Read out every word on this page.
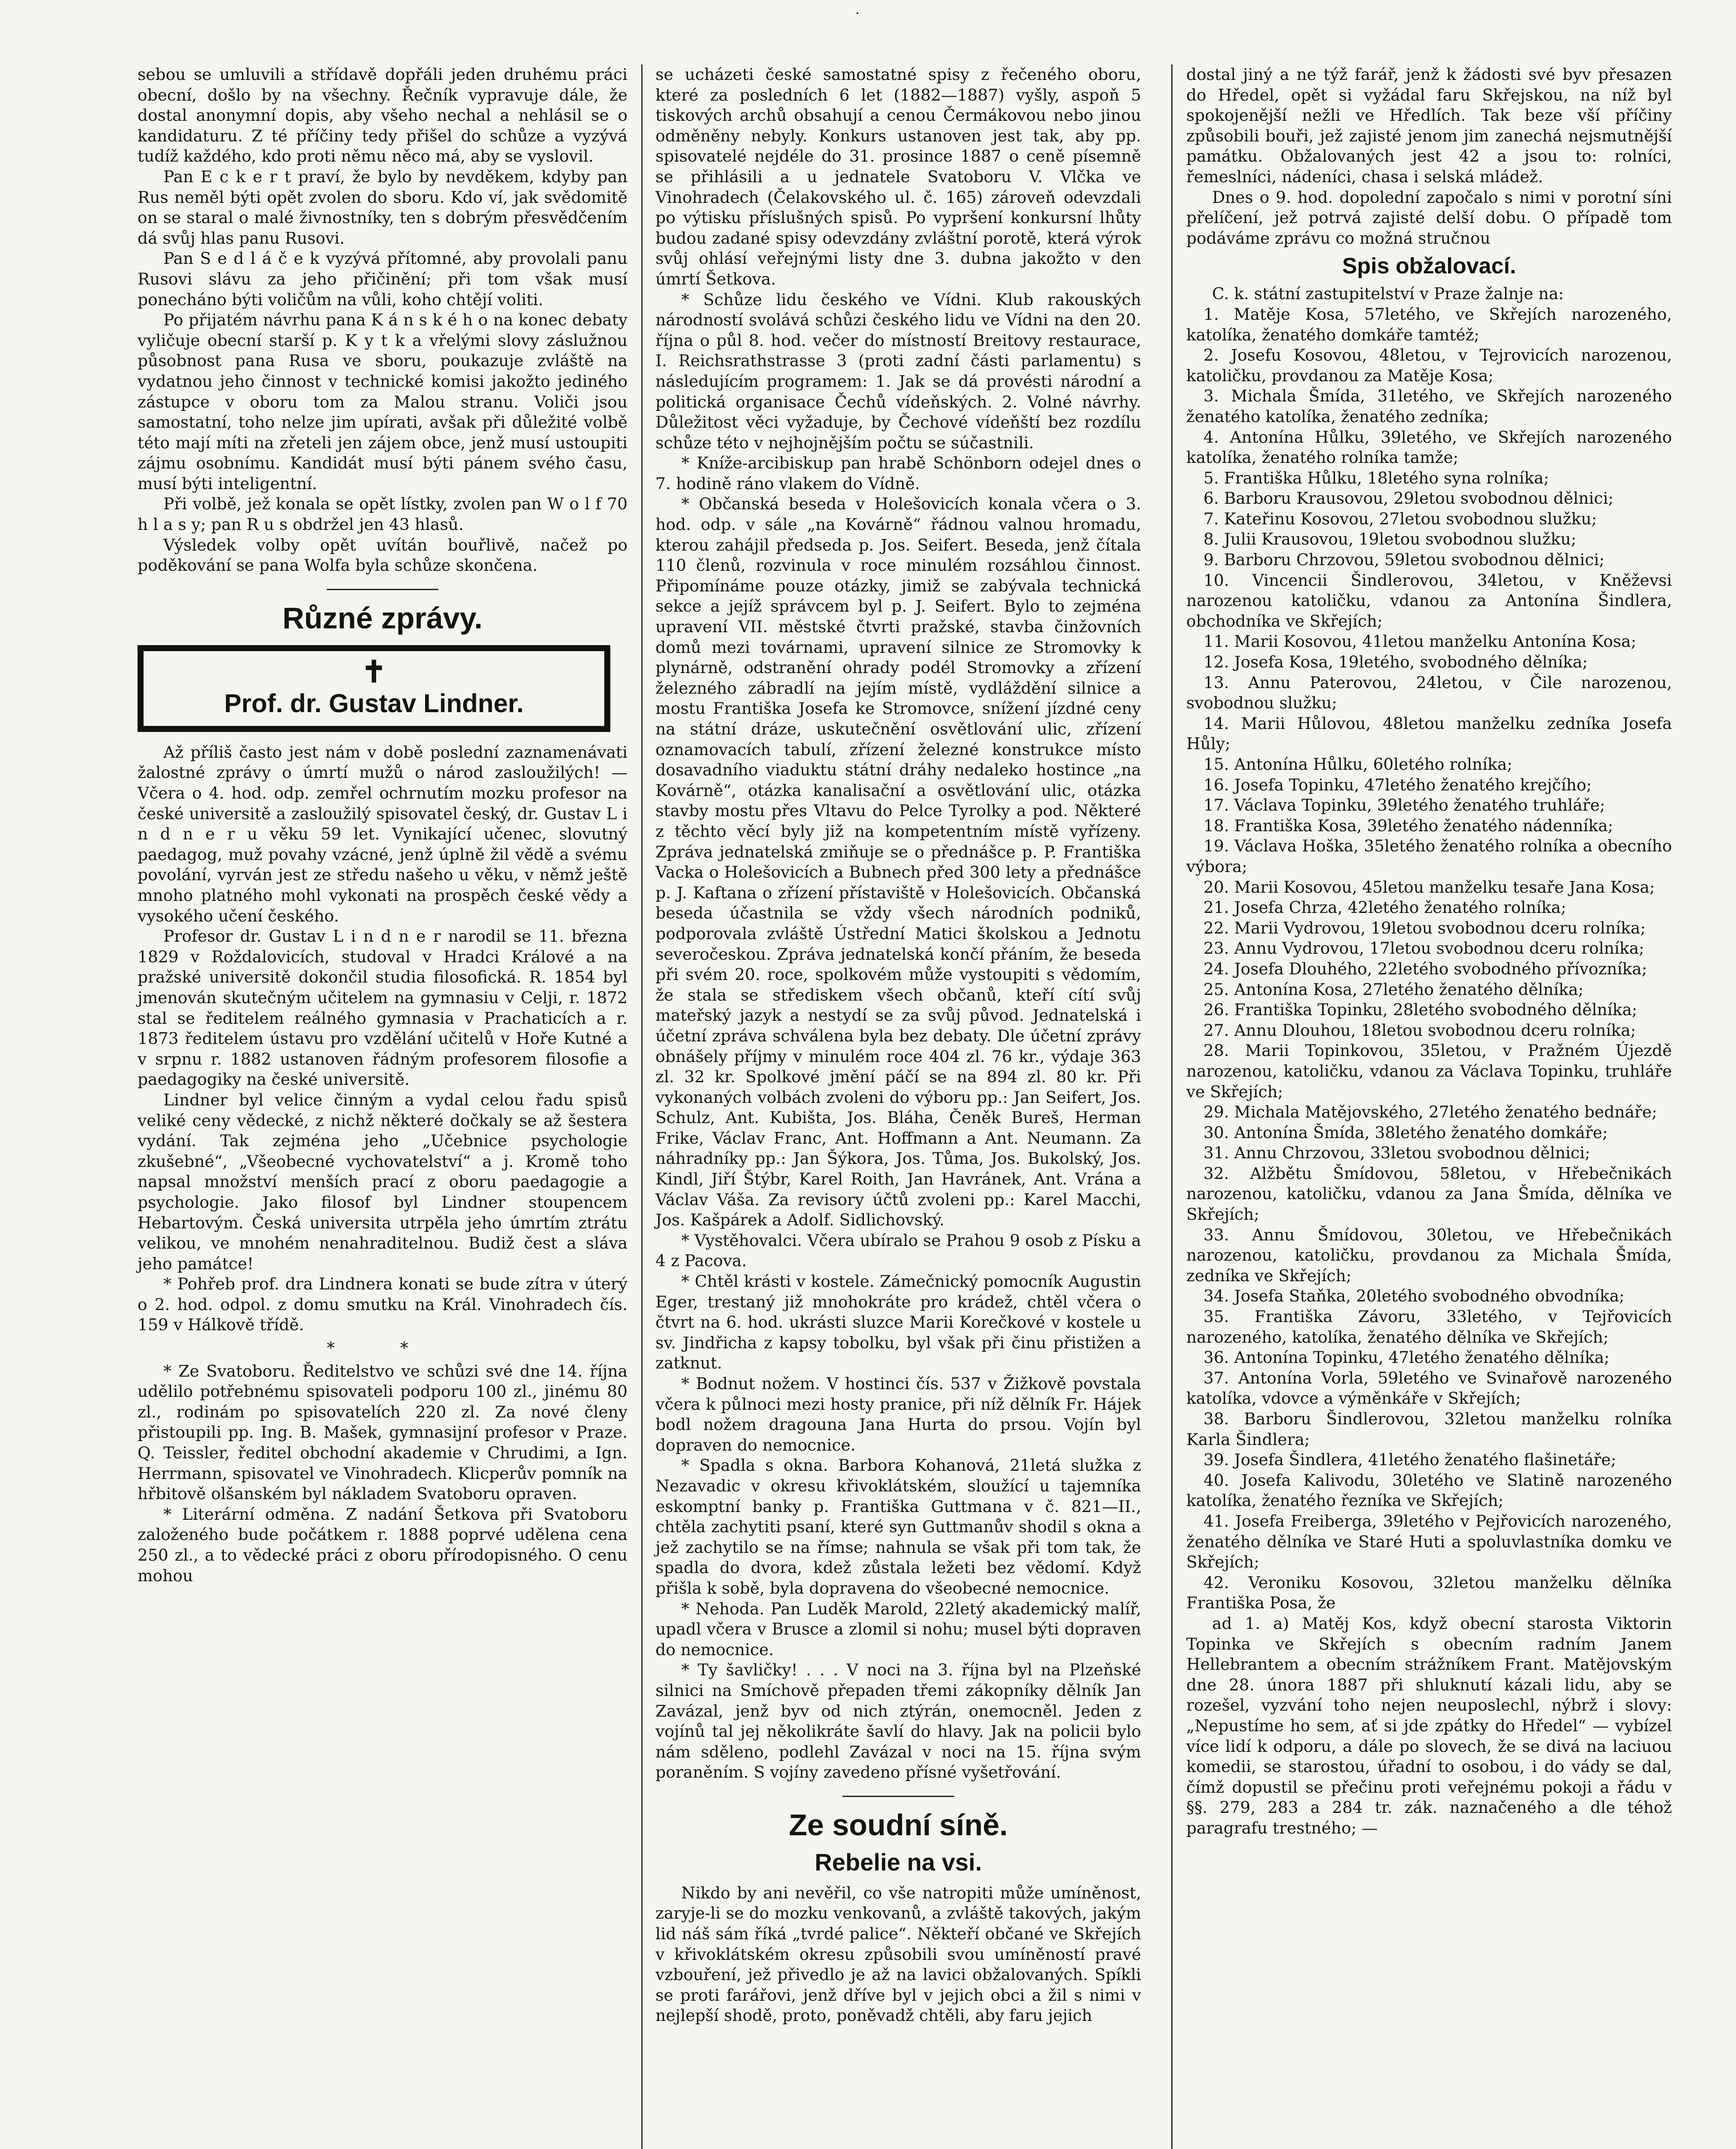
·

sebou se umluvili a střídavě dopřáli jeden druhému práci obecní, došlo by na všechny. Řečník vypravuje dále, že dostal anonymní dopis, aby všeho nechal a nehlásil se o kandidaturu. Z té příčiny tedy přišel do schůze a vyzývá tudíž každého, kdo proti němu něco má, aby se vyslovil.

Pan E c k e r t praví, že bylo by nevděkem, kdyby pan Rus neměl býti opět zvolen do sboru. Kdo ví, jak svědomitě on se staral o malé živnostníky, ten s dobrým přesvědčením dá svůj hlas panu Rusovi.

Pan S e d l á č e k vyzývá přítomné, aby provolali panu Rusovi slávu za jeho přičinění; při tom však musí ponecháno býti voličům na vůli, koho chtějí voliti.

Po přijatém návrhu pana K á n s k é h o na konec debaty vyličuje obecní starší p. K y t k a vřelými slovy záslužnou působnost pana Rusa ve sboru, poukazuje zvláště na vydatnou jeho činnost v technické komisi jakožto jediného zástupce v oboru tom za Malou stranu. Voliči jsou samostatní, toho nelze jim upírati, avšak při důležité volbě této mají míti na zřeteli jen zájem obce, jenž musí ustoupiti zájmu osobnímu. Kandidát musí býti pánem svého času, musí býti inteligentní.

Při volbě, jež konala se opět lístky, zvolen pan W o l f 70 h l a s y; pan R u s obdržel jen 43 hlasů.

Výsledek volby opět uvítán bouřlivě, načež po poděkování se pana Wolfa byla schůze skončena.

Různé zprávy.
✝
Prof. dr. Gustav Lindner.

Až příliš často jest nám v době poslední zaznamenávati žalostné zprávy o úmrtí mužů o národ zasloužilých! — Včera o 4. hod. odp. zemřel ochrnutím mozku profesor na české universitě a zasloužilý spisovatel český, dr. Gustav L i n d n e r u věku 59 let. Vynikající učenec, slovutný paedagog, muž povahy vzácné, jenž úplně žil vědě a svému povolání, vyrván jest ze středu našeho u věku, v němž ještě mnoho platného mohl vykonati na prospěch české vědy a vysokého učení českého.

Profesor dr. Gustav L i n d n e r narodil se 11. března 1829 v Roždalovicích, studoval v Hradci Králové a na pražské universitě dokončil studia filosofická. R. 1854 byl jmenován skutečným učitelem na gymnasiu v Celji, r. 1872 stal se ředitelem reálného gymnasia v Prachaticích a r. 1873 ředitelem ústavu pro vzdělání učitelů v Hoře Kutné a v srpnu r. 1882 ustanoven řádným profesorem filosofie a paedagogiky na české universitě.

Lindner byl velice činným a vydal celou řadu spisů veliké ceny vědecké, z nichž některé dočkaly se až šestera vydání. Tak zejména jeho „Učebnice psychologie zkušebné“, „Všeobecné vychovatelství“ a j. Kromě toho napsal množství menších prací z oboru paedagogie a psychologie. Jako filosof byl Lindner stoupencem Hebartovým. Česká universita utrpěla jeho úmrtím ztrátu velikou, ve mnohém nenahraditelnou. Budiž čest a sláva jeho památce!

* Pohřeb prof. dra Lindnera konati se bude zítra v úterý o 2. hod. odpol. z domu smutku na Král. Vinohradech čís. 159 v Hálkově třídě.

* *

* Ze Svatoboru. Ředitelstvo ve schůzi své dne 14. října udělilo potřebnému spisovateli podporu 100 zl., jinému 80 zl., rodinám po spisovatelích 220 zl. Za nové členy přistoupili pp. Ing. B. Mašek, gymnasijní profesor v Praze. Q. Teissler, ředitel obchodní akademie v Chrudimi, a Ign. Herrmann, spisovatel ve Vinohradech. Klicperův pomník na hřbitově olšanském byl nákladem Svatoboru opraven.

* Literární odměna. Z nadání Šetkova při Svatoboru založeného bude počátkem r. 1888 poprvé udělena cena 250 zl., a to vědecké práci z oboru přírodopisného. O cenu mohou

se ucházeti české samostatné spisy z řečeného oboru, které za posledních 6 let (1882—1887) vyšly, aspoň 5 tiskových archů obsahují a cenou Čermákovou nebo jinou odměněny nebyly. Konkurs ustanoven jest tak, aby pp. spisovatelé nejdéle do 31. prosince 1887 o ceně písemně se přihlásili a u jednatele Svatoboru V. Vlčka ve Vinohradech (Čelakovského ul. č. 165) zároveň odevzdali po výtisku příslušných spisů. Po vypršení konkursní lhůty budou zadané spisy odevzdány zvláštní porotě, která výrok svůj ohlásí veřejnými listy dne 3. dubna jakožto v den úmrtí Šetkova.

* Schůze lidu českého ve Vídni. Klub rakouských národností svolává schůzi českého lidu ve Vídni na den 20. října o půl 8. hod. večer do místností Breitovy restaurace, I. Reichsrathstrasse 3 (proti zadní části parlamentu) s následujícím programem: 1. Jak se dá provésti národní a politická organisace Čechů vídeňských. 2. Volné návrhy. Důležitost věci vyžaduje, by Čechové vídeňští bez rozdílu schůze této v nejhojnějším počtu se súčastnili.

* Kníže-arcibiskup pan hrabě Schönborn odejel dnes o 7. hodině ráno vlakem do Vídně.

* Občanská beseda v Holešovicích konala včera o 3. hod. odp. v sále „na Kovárně“ řádnou valnou hromadu, kterou zahájil předseda p. Jos. Seifert. Beseda, jenž čítala 110 členů, rozvinula v roce minulém rozsáhlou činnost. Připomínáme pouze otázky, jimiž se zabývala technická sekce a jejíž správcem byl p. J. Seifert. Bylo to zejména upravení VII. městské čtvrti pražské, stavba činžovních domů mezi továrnami, upravení silnice ze Stromovky k plynárně, odstranění ohrady podél Stromovky a zřízení železného zábradlí na jejím místě, vydláždění silnice a mostu Františka Josefa ke Stromovce, snížení jízdné ceny na státní dráze, uskutečnění osvětlování ulic, zřízení oznamovacích tabulí, zřízení železné konstrukce místo dosavadního viaduktu státní dráhy nedaleko hostince „na Kovárně“, otázka kanalisační a osvětlování ulic, otázka stavby mostu přes Vltavu do Pelce Tyrolky a pod. Některé z těchto věcí byly již na kompetentním místě vyřízeny. Zpráva jednatelská zmiňuje se o přednášce p. P. Františka Vacka o Holešovicích a Bubnech před 300 lety a přednášce p. J. Kaftana o zřízení přístaviště v Holešovicích. Občanská beseda účastnila se vždy všech národních podniků, podporovala zvláště Ústřední Matici školskou a Jednotu severočeskou. Zpráva jednatelská končí přáním, že beseda při svém 20. roce, spolkovém může vystoupiti s vědomím, že stala se střediskem všech občanů, kteří cítí svůj mateřský jazyk a nestydí se za svůj původ. Jednatelská i účetní zpráva schválena byla bez debaty. Dle účetní zprávy obnášely příjmy v minulém roce 404 zl. 76 kr., výdaje 363 zl. 32 kr. Spolkové jmění páčí se na 894 zl. 80 kr. Při vykonaných volbách zvoleni do výboru pp.: Jan Seifert, Jos. Schulz, Ant. Kubišta, Jos. Bláha, Čeněk Bureš, Herman Frike, Václav Franc, Ant. Hoffmann a Ant. Neumann. Za náhradníky pp.: Jan Šýkora, Jos. Tůma, Jos. Bukolský, Jos. Kindl, Jiří Štýbr, Karel Roith, Jan Havránek, Ant. Vrána a Václav Váša. Za revisory účtů zvoleni pp.: Karel Macchi, Jos. Kašpárek a Adolf. Sidlichovský.

* Vystěhovalci. Včera ubíralo se Prahou 9 osob z Písku a 4 z Pacova.

* Chtěl krásti v kostele. Zámečnický pomocník Augustin Eger, trestaný již mnohokráte pro krádež, chtěl včera o čtvrt na 6. hod. ukrásti sluzce Marii Korečkové v kostele u sv. Jindřicha z kapsy tobolku, byl však při činu přistižen a zatknut.

* Bodnut nožem. V hostinci čís. 537 v Žižkově povstala včera k půlnoci mezi hosty pranice, při níž dělník Fr. Hájek bodl nožem dragouna Jana Hurta do prsou. Vojín byl dopraven do nemocnice.

* Spadla s okna. Barbora Kohanová, 21letá služka z Nezavadic v okresu křivoklátském, sloužící u tajemníka eskomptní banky p. Františka Guttmana v č. 821—II., chtěla zachytiti psaní, které syn Guttmanův shodil s okna a jež zachytilo se na římse; nahnula se však při tom tak, že spadla do dvora, kdež zůstala ležeti bez vědomí. Když přišla k sobě, byla dopravena do všeobecné nemocnice.

* Nehoda. Pan Luděk Marold, 22letý akademický malíř, upadl včera v Brusce a zlomil si nohu; musel býti dopraven do nemocnice.

* Ty šavličky! . . . V noci na 3. října byl na Plzeňské silnici na Smíchově přepaden třemi zákopníky dělník Jan Zavázal, jenž byv od nich ztýrán, onemocněl. Jeden z vojínů tal jej několikráte šavlí do hlavy. Jak na policii bylo nám sděleno, podlehl Zavázal v noci na 15. října svým poraněním. S vojíny zavedeno přísné vyšetřování.

Ze soudní síně.
Rebelie na vsi.

Nikdo by ani nevěřil, co vše natropiti může umíněnost, zaryje-li se do mozku venkovanů, a zvláště takových, jakým lid náš sám říká „tvrdé palice“. Někteří občané ve Skřejích v křivoklátském okresu způsobili svou umíněností pravé vzbouření, jež přivedlo je až na lavici obžalovaných. Spíkli se proti farářovi, jenž dříve byl v jejich obci a žil s nimi v nejlepší shodě, proto, poněvadž chtěli, aby faru jejich

dostal jiný a ne týž farář, jenž k žádosti své byv přesazen do Hředel, opět si vyžádal faru Skřejskou, na níž byl spokojenější nežli ve Hředlích. Tak beze vší příčiny způsobili bouři, jež zajisté jenom jim zanechá nejsmutnější památku. Obžalovaných jest 42 a jsou to: rolníci, řemeslníci, nádeníci, chasa i selská mládež.

Dnes o 9. hod. dopolední započalo s nimi v porotní síni přelíčení, jež potrvá zajisté delší dobu. O případě tom podáváme zprávu co možná stručnou

Spis obžalovací.

C. k. státní zastupitelství v Praze žalnje na:

1. Matěje Kosa, 57letého, ve Skřejích narozeného, katolíka, ženatého domkáře tamtéž;

2. Josefu Kosovou, 48letou, v Tejrovicích narozenou, katoličku, provdanou za Matěje Kosa;

3. Michala Šmída, 31letého, ve Skřejích narozeného ženatého katolíka, ženatého zedníka;

4. Antonína Hůlku, 39letého, ve Skřejích narozeného katolíka, ženatého rolníka tamže;

5. Františka Hůlku, 18letého syna rolníka;

6. Barboru Krausovou, 29letou svobodnou dělnici;

7. Kateřinu Kosovou, 27letou svobodnou služku;

8. Julii Krausovou, 19letou svobodnou služku;

9. Barboru Chrzovou, 59letou svobodnou dělnici;

10. Vincencii Šindlerovou, 34letou, v Kněževsi narozenou katoličku, vdanou za Antonína Šindlera, obchodníka ve Skřejích;

11. Marii Kosovou, 41letou manželku Antonína Kosa;

12. Josefa Kosa, 19letého, svobodného dělníka;

13. Annu Paterovou, 24letou, v Čile narozenou, svobodnou služku;

14. Marii Hůlovou, 48letou manželku zedníka Josefa Hůly;

15. Antonína Hůlku, 60letého rolníka;

16. Josefa Topinku, 47letého ženatého krejčího;

17. Václava Topinku, 39letého ženatého truhláře;

18. Františka Kosa, 39letého ženatého nádenníka;

19. Václava Hoška, 35letého ženatého rolníka a obecního výbora;

20. Marii Kosovou, 45letou manželku tesaře Jana Kosa;

21. Josefa Chrza, 42letého ženatého rolníka;

22. Marii Vydrovou, 19letou svobodnou dceru rolníka;

23. Annu Vydrovou, 17letou svobodnou dceru rolníka;

24. Josefa Dlouhého, 22letého svobodného přívozníka;

25. Antonína Kosa, 27letého ženatého dělníka;

26. Františka Topinku, 28letého svobodného dělníka;

27. Annu Dlouhou, 18letou svobodnou dceru rolníka;

28. Marii Topinkovou, 35letou, v Pražném Újezdě narozenou, katoličku, vdanou za Václava Topinku, truhláře ve Skřejích;

29. Michala Matějovského, 27letého ženatého bednáře;

30. Antonína Šmída, 38letého ženatého domkáře;

31. Annu Chrzovou, 33letou svobodnou dělnici;

32. Alžbětu Šmídovou, 58letou, v Hřebečnikách narozenou, katoličku, vdanou za Jana Šmída, dělníka ve Skřejích;

33. Annu Šmídovou, 30letou, ve Hřebečnikách narozenou, katoličku, provdanou za Michala Šmída, zedníka ve Skřejích;

34. Josefa Staňka, 20letého svobodného obvodníka;

35. Františka Závoru, 33letého, v Tejřovicích narozeného, katolíka, ženatého dělníka ve Skřejích;

36. Antonína Topinku, 47letého ženatého dělníka;

37. Antonína Vorla, 59letého ve Svinařově narozeného katolíka, vdovce a výměnkáře v Skřejích;

38. Barboru Šindlerovou, 32letou manželku rolníka Karla Šindlera;

39. Josefa Šindlera, 41letého ženatého flašinetáře;

40. Josefa Kalivodu, 30letého ve Slatině narozeného katolíka, ženatého řezníka ve Skřejích;

41. Josefa Freiberga, 39letého v Pejřovicích narozeného, ženatého dělníka ve Staré Huti a spoluvlastníka domku ve Skřejích;

42. Veroniku Kosovou, 32letou manželku dělníka Františka Posa, že

ad 1. a) Matěj Kos, když obecní starosta Viktorin Topinka ve Skřejích s obecním radním Janem Hellebrantem a obecním strážníkem Frant. Matějovským dne 28. února 1887 při shluknutí kázali lidu, aby se rozešel, vyzvání toho nejen neuposlechl, nýbrž i slovy: „Nepustíme ho sem, ať si jde zpátky do Hředel“ — vybízel více lidí k odporu, a dále po slovech, že se divá na laciuou komedii, se starostou, úřadní to osobou, i do vády se dal, čímž dopustil se přečinu proti veřejnému pokoji a řádu v §§. 279, 283 a 284 tr. zák. naznačeného a dle téhož paragrafu trestného; —
